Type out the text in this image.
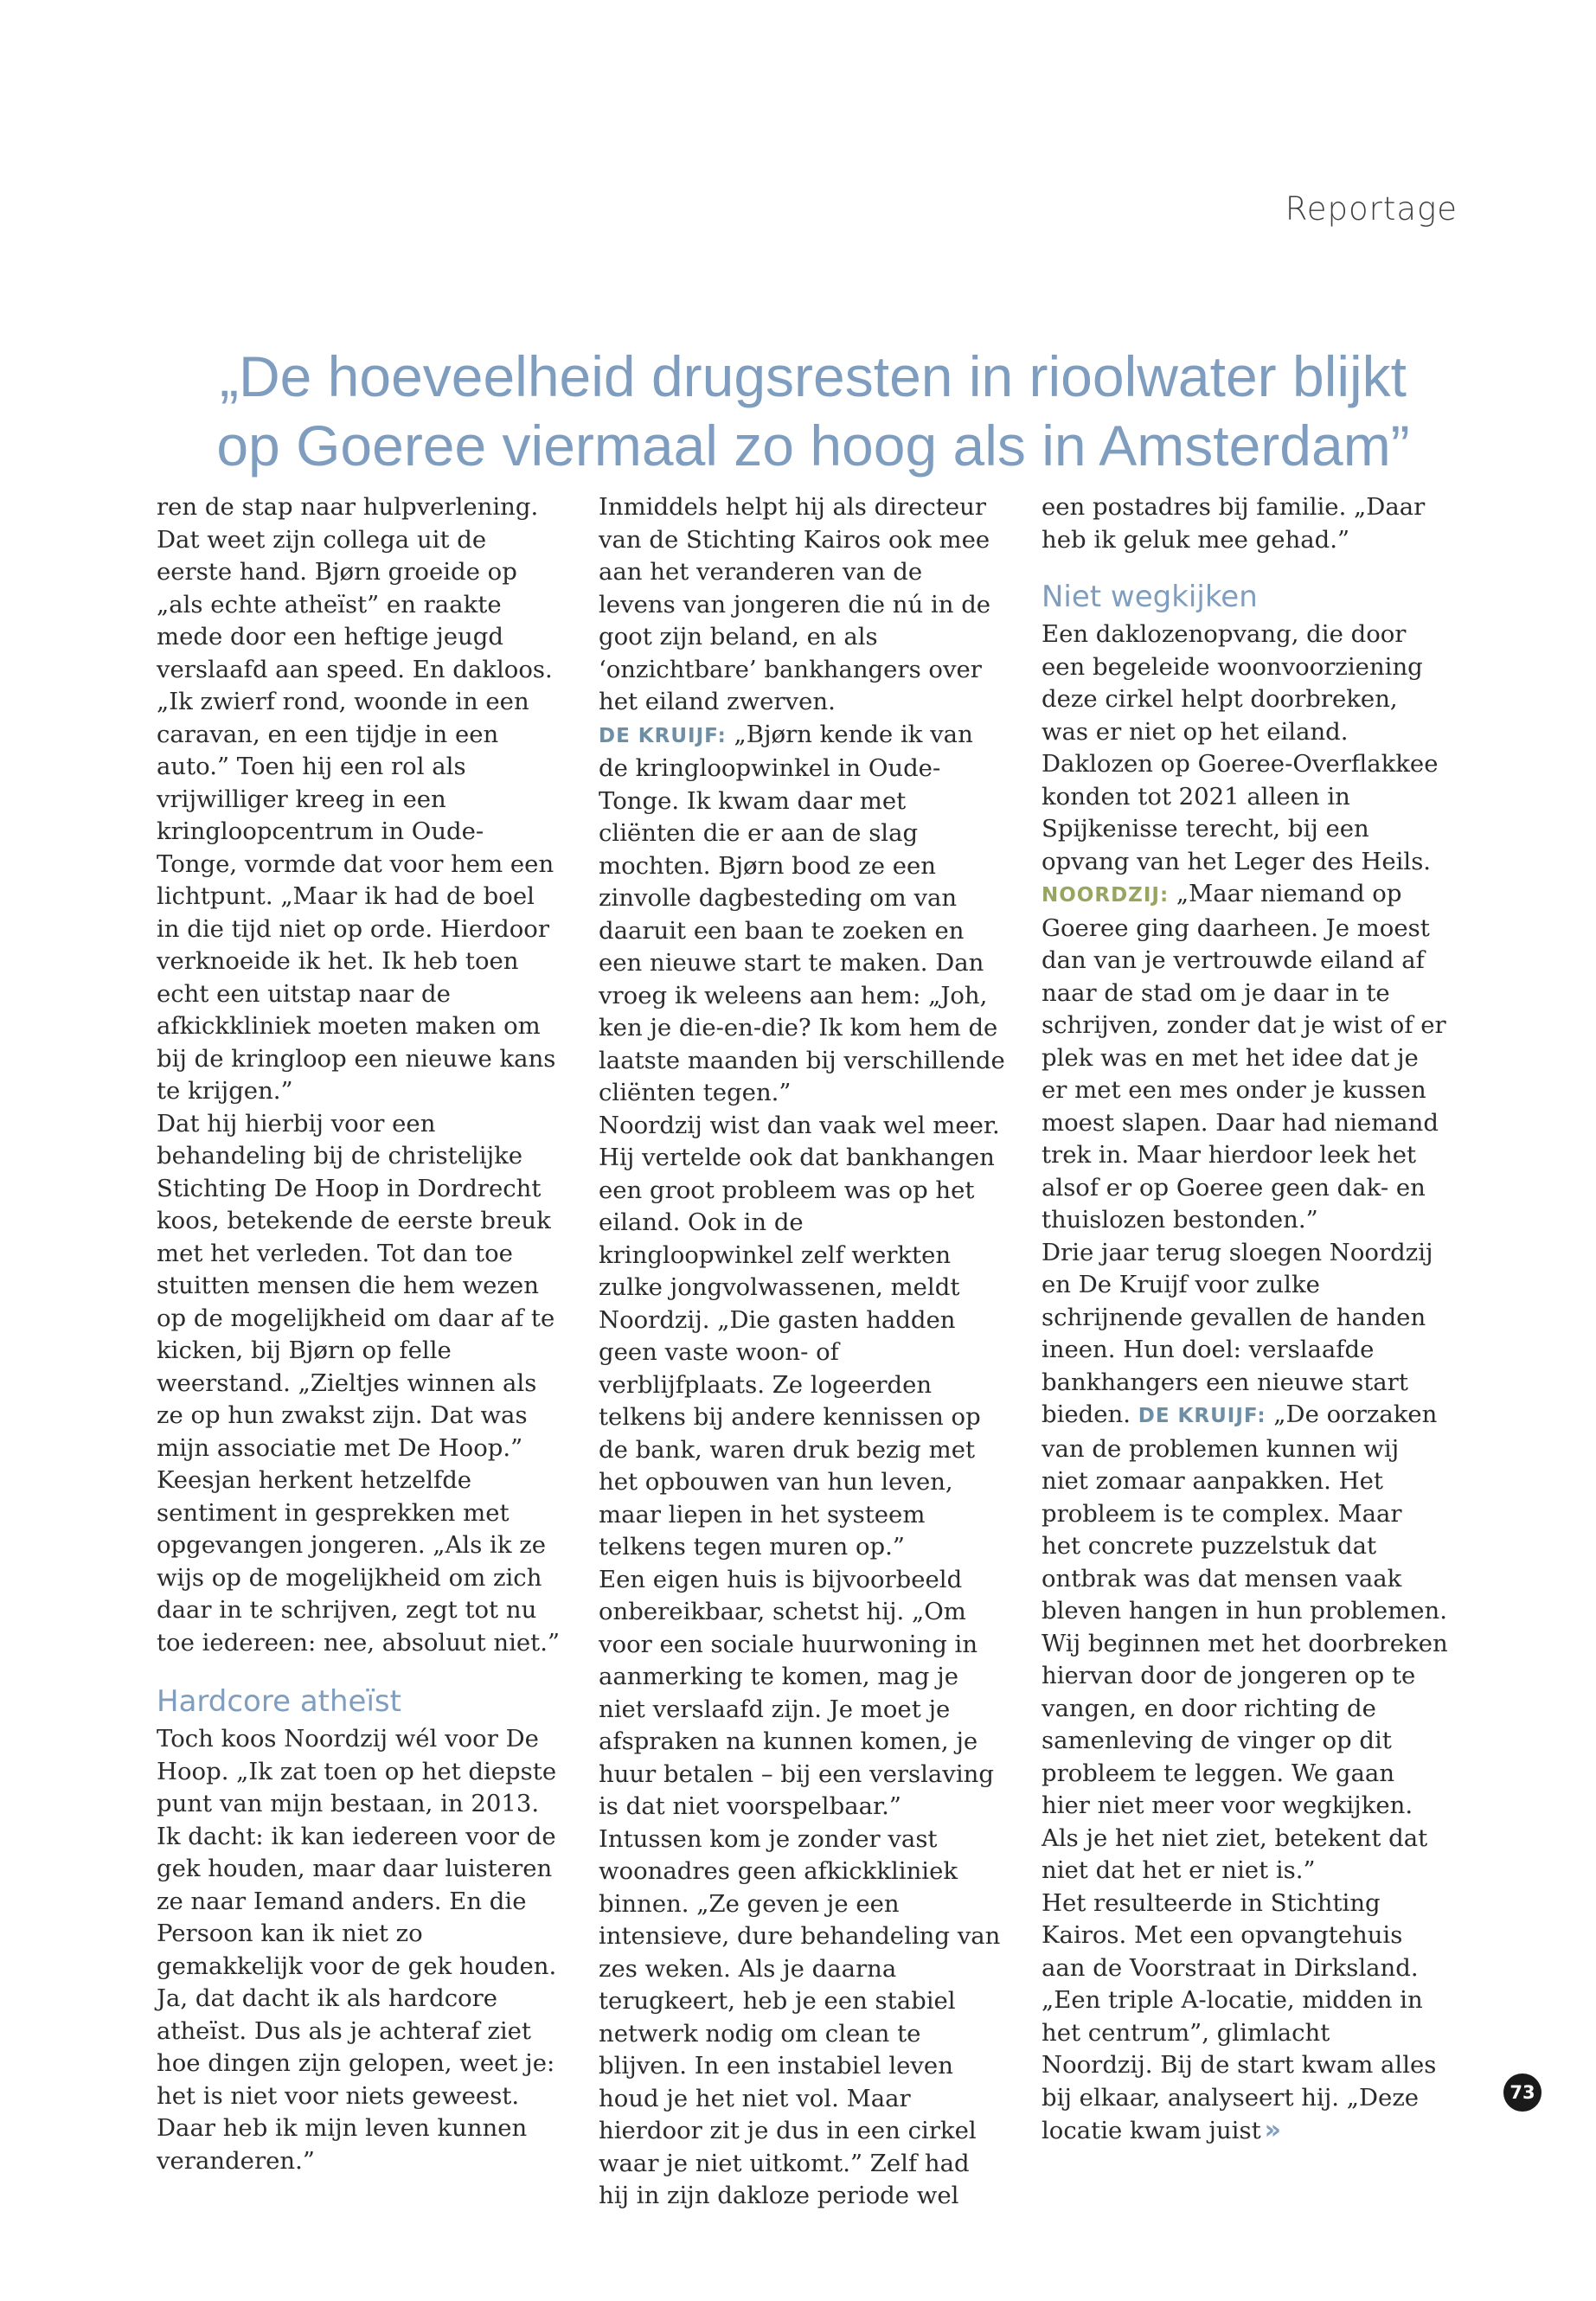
Reportage
„De hoeveelheid drugsresten in rioolwater blijkt
op Goeree viermaal zo hoog als in Amsterdam”

ren de stap naar hulpverlening. Dat weet zijn collega uit de eerste hand. Bjørn groeide op „als echte atheïst” en raakte mede door een heftige jeugd verslaafd aan speed. En dakloos. „Ik zwierf rond, woonde in een caravan, en een tijdje in een auto.” Toen hij een rol als vrijwilliger kreeg in een kringloopcentrum in Oude-Tonge, vormde dat voor hem een lichtpunt. „Maar ik had de boel in die tijd niet op orde. Hierdoor verknoeide ik het. Ik heb toen echt een uitstap naar de afkickkliniek moeten maken om bij de kringloop een nieuwe kans te krijgen.”

Dat hij hierbij voor een behandeling bij de christelijke Stichting De Hoop in Dordrecht koos, betekende de eerste breuk met het verleden. Tot dan toe stuitten mensen die hem wezen op de mogelijkheid om daar af te kicken, bij Bjørn op felle weerstand. „Zieltjes winnen als ze op hun zwakst zijn. Dat was mijn associatie met De Hoop.”

Keesjan herkent hetzelfde sentiment in gesprekken met opgevangen jongeren. „Als ik ze wijs op de mogelijkheid om zich daar in te schrijven, zegt tot nu toe iedereen: nee, absoluut niet.”

Hardcore atheïst

Toch koos Noordzij wél voor De Hoop. „Ik zat toen op het diepste punt van mijn bestaan, in 2013. Ik dacht: ik kan iedereen voor de gek houden, maar daar luisteren ze naar Iemand anders. En die Persoon kan ik niet zo gemakkelijk voor de gek houden. Ja, dat dacht ik als hardcore atheïst. Dus als je achteraf ziet hoe dingen zijn gelopen, weet je: het is niet voor niets geweest. Daar heb ik mijn leven kunnen veranderen.”

Inmiddels helpt hij als directeur van de Stichting Kairos ook mee aan het veranderen van de levens van jongeren die nú in de goot zijn beland, en als ‘onzichtbare’ bankhangers over het eiland zwerven.

DE KRUIJF: „Bjørn kende ik van de kringloopwinkel in Oude-Tonge. Ik kwam daar met cliënten die er aan de slag mochten. Bjørn bood ze een zinvolle dagbesteding om van daaruit een baan te zoeken en een nieuwe start te maken. Dan vroeg ik weleens aan hem: „Joh, ken je die-en-die? Ik kom hem de laatste maanden bij verschillende cliënten tegen.”

Noordzij wist dan vaak wel meer. Hij vertelde ook dat bankhangen een groot probleem was op het eiland. Ook in de kringloopwinkel zelf werkten zulke jongvolwassenen, meldt Noordzij. „Die gasten hadden geen vaste woon- of verblijfplaats. Ze logeerden telkens bij andere kennissen op de bank, waren druk bezig met het opbouwen van hun leven, maar liepen in het systeem telkens tegen muren op.”

Een eigen huis is bijvoorbeeld onbereikbaar, schetst hij. „Om voor een sociale huurwoning in aanmerking te komen, mag je niet verslaafd zijn. Je moet je afspraken na kunnen komen, je huur betalen – bij een verslaving is dat niet voorspelbaar.” Intussen kom je zonder vast woonadres geen afkickkliniek binnen. „Ze geven je een intensieve, dure behandeling van zes weken. Als je daarna terugkeert, heb je een stabiel netwerk nodig om clean te blijven. In een instabiel leven houd je het niet vol. Maar hierdoor zit je dus in een cirkel waar je niet uitkomt.” Zelf had hij in zijn dakloze periode wel

een postadres bij familie. „Daar heb ik geluk mee gehad.”

Niet wegkijken

Een daklozenopvang, die door een begeleide woonvoorziening deze cirkel helpt doorbreken, was er niet op het eiland. Daklozen op Goeree-Overflakkee konden tot 2021 alleen in Spijkenisse terecht, bij een opvang van het Leger des Heils. NOORDZIJ: „Maar niemand op Goeree ging daarheen. Je moest dan van je vertrouwde eiland af naar de stad om je daar in te schrijven, zonder dat je wist of er plek was en met het idee dat je er met een mes onder je kussen moest slapen. Daar had niemand trek in. Maar hierdoor leek het alsof er op Goeree geen dak- en thuislozen bestonden.”

Drie jaar terug sloegen Noordzij en De Kruijf voor zulke schrijnende gevallen de handen ineen. Hun doel: verslaafde bankhangers een nieuwe start bieden. DE KRUIJF: „De oorzaken van de problemen kunnen wij niet zomaar aanpakken. Het probleem is te complex. Maar het concrete puzzelstuk dat ontbrak was dat mensen vaak bleven hangen in hun problemen. Wij beginnen met het doorbreken hiervan door de jongeren op te vangen, en door richting de samenleving de vinger op dit probleem te leggen. We gaan hier niet meer voor wegkijken. Als je het niet ziet, betekent dat niet dat het er niet is.”

Het resulteerde in Stichting Kairos. Met een opvangtehuis aan de Voorstraat in Dirksland. „Een triple A-locatie, midden in het centrum”, glimlacht Noordzij. Bij de start kwam alles bij elkaar, analyseert hij. „Deze locatie kwam juist »

73
